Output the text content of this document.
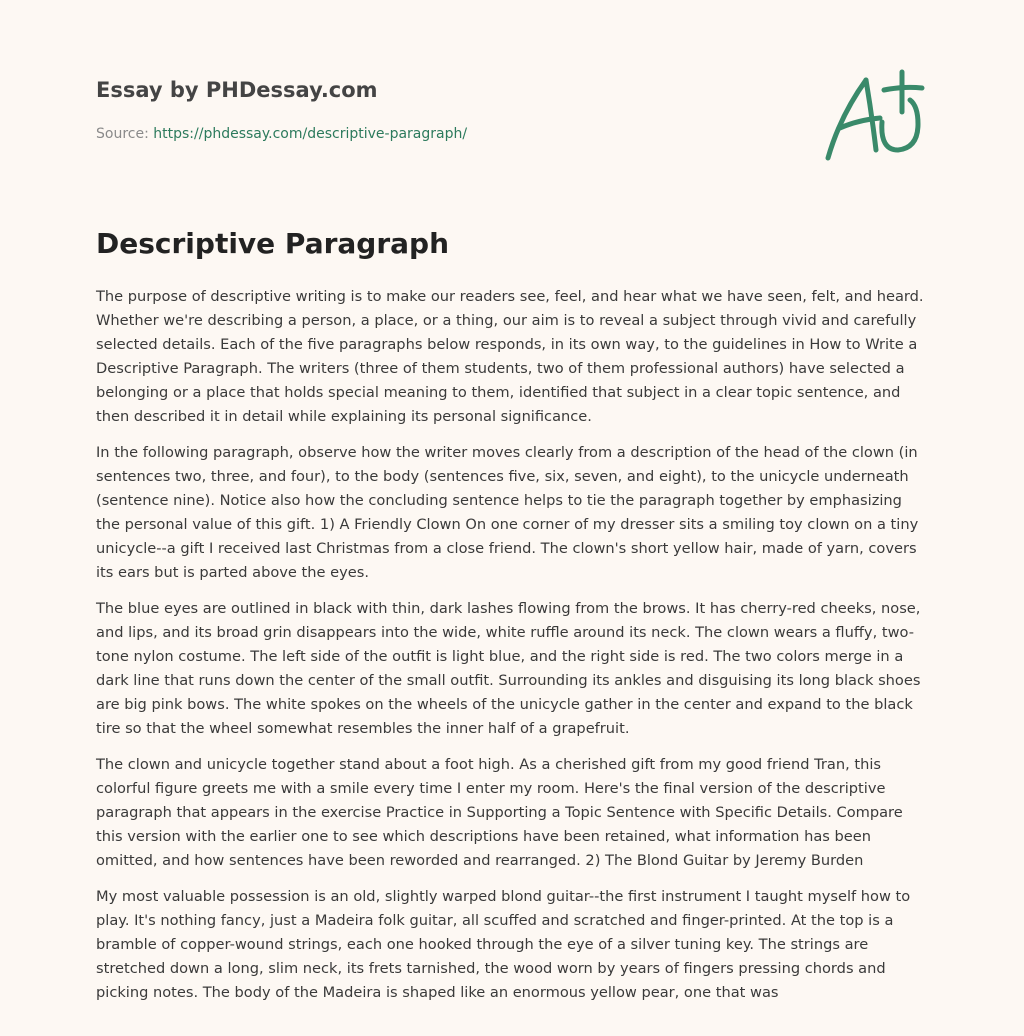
Essay by PHDessay.com
Source: https://phdessay.com/descriptive-paragraph/
Descriptive Paragraph

The purpose of descriptive writing is to make our readers see, feel, and hear what we have seen, felt, and heard. Whether we're describing a person, a place, or a thing, our aim is to reveal a subject through vivid and carefully selected details. Each of the five paragraphs below responds, in its own way, to the guidelines in How to Write a Descriptive Paragraph. The writers (three of them students, two of them professional authors) have selected a belonging or a place that holds special meaning to them, identified that subject in a clear topic sentence, and then described it in detail while explaining its personal significance.

In the following paragraph, observe how the writer moves clearly from a description of the head of the clown (in sentences two, three, and four), to the body (sentences five, six, seven, and eight), to the unicycle underneath (sentence nine). Notice also how the concluding sentence helps to tie the paragraph together by emphasizing the personal value of this gift. 1) A Friendly Clown On one corner of my dresser sits a smiling toy clown on a tiny unicycle--a gift I received last Christmas from a close friend. The clown's short yellow hair, made of yarn, covers its ears but is parted above the eyes.

The blue eyes are outlined in black with thin, dark lashes flowing from the brows. It has cherry-red cheeks, nose, and lips, and its broad grin disappears into the wide, white ruffle around its neck. The clown wears a fluffy, two-tone nylon costume. The left side of the outfit is light blue, and the right side is red. The two colors merge in a dark line that runs down the center of the small outfit. Surrounding its ankles and disguising its long black shoes are big pink bows. The white spokes on the wheels of the unicycle gather in the center and expand to the black tire so that the wheel somewhat resembles the inner half of a grapefruit.

The clown and unicycle together stand about a foot high. As a cherished gift from my good friend Tran, this colorful figure greets me with a smile every time I enter my room. Here's the final version of the descriptive paragraph that appears in the exercise Practice in Supporting a Topic Sentence with Specific Details. Compare this version with the earlier one to see which descriptions have been retained, what information has been omitted, and how sentences have been reworded and rearranged. 2) The Blond Guitar by Jeremy Burden

My most valuable possession is an old, slightly warped blond guitar--the first instrument I taught myself how to play. It's nothing fancy, just a Madeira folk guitar, all scuffed and scratched and finger-printed. At the top is a bramble of copper-wound strings, each one hooked through the eye of a silver tuning key. The strings are stretched down a long, slim neck, its frets tarnished, the wood worn by years of fingers pressing chords and picking notes. The body of the Madeira is shaped like an enormous yellow pear, one that was
